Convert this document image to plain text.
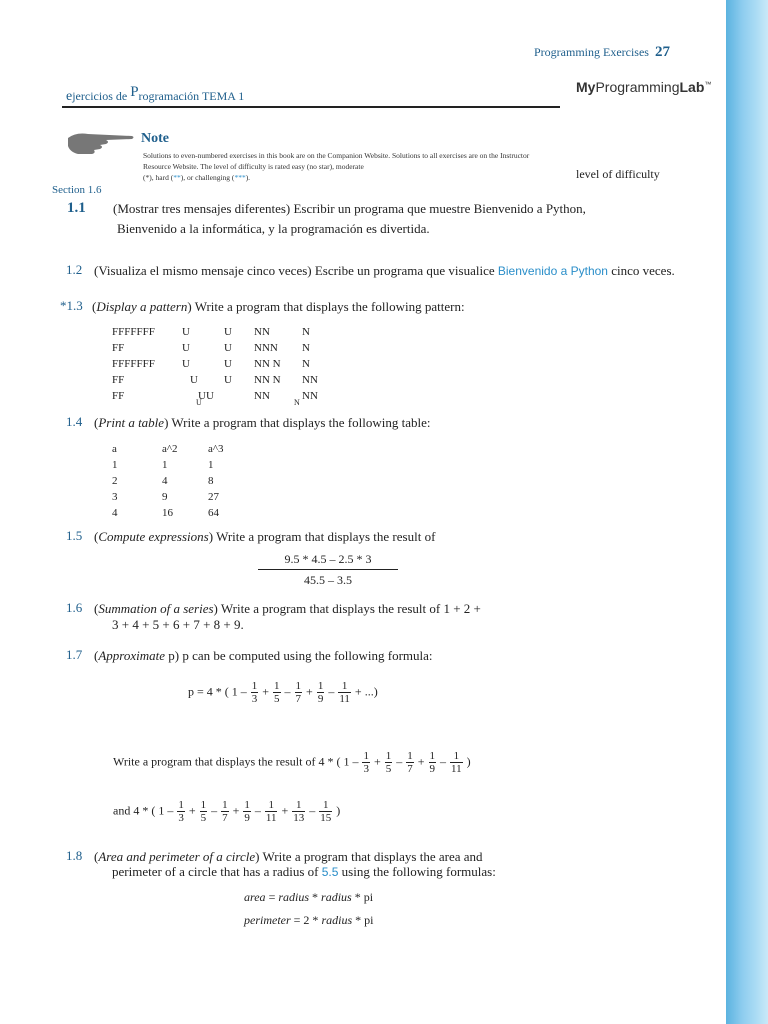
Programming Exercises 27
ejercicios de Programación TEMA 1
MyProgrammingLab™
Note
Solutions to even-numbered exercises in this book are on the Companion Website. Solutions to all exercises are on the Instructor Resource Website. The level of difficulty is rated easy (no star), moderate
(*), hard (**), or challenging (***).	level of difficulty
Section 1.6
1.1 (Mostrar tres mensajes diferentes) Escribir un programa que muestre Bienvenido a Python,
Bienvenido a la informática, y la programación es divertida.
1.2 (Visualiza el mismo mensaje cinco veces) Escribe un programa que visualice Bienvenido a Python cinco veces.
*1.3 (Display a pattern) Write a program that displays the following pattern:
FFFFFFF	U	U	NN	N
FF	U	U	NNN	N
FFFFFFF	U	U	NN N	N
FF	U	U	NN N	NN
FF	UU		NN	NN
U	N
1.4 (Print a table) Write a program that displays the following table:
a	a^2	a^3
1	1	1
2	4	8
3	9	27
4	16	64
1.5 (Compute expressions) Write a program that displays the result of
$\frac{9.5 * 4.5 - 2.5 * 3}{45.5 - 3.5}$
1.6 (Summation of a series) Write a program that displays the result of 1 + 2 +
3 + 4 + 5 + 6 + 7 + 8 + 9.
1.7 (Approximate p) p can be computed using the following formula:
p = 4 * ( $1 - \frac{1}{3} + \frac{1}{5} - \frac{1}{7} + \frac{1}{9} - \frac{1}{11}$ + ...)
Write a program that displays the result of 4 * ( $1 - \frac{1}{3} + \frac{1}{5} - \frac{1}{7} + \frac{1}{9} - \frac{1}{11}$ )
and 4 * ( $1 - \frac{1}{3} + \frac{1}{5} - \frac{1}{7} + \frac{1}{9} - \frac{1}{11} + \frac{1}{13} - \frac{1}{15}$ )
1.8 (Area and perimeter of a circle) Write a program that displays the area and
perimeter of a circle that has a radius of 5.5 using the following formulas:
area = radius * radius * pi
perimeter = 2 * radius * pi
